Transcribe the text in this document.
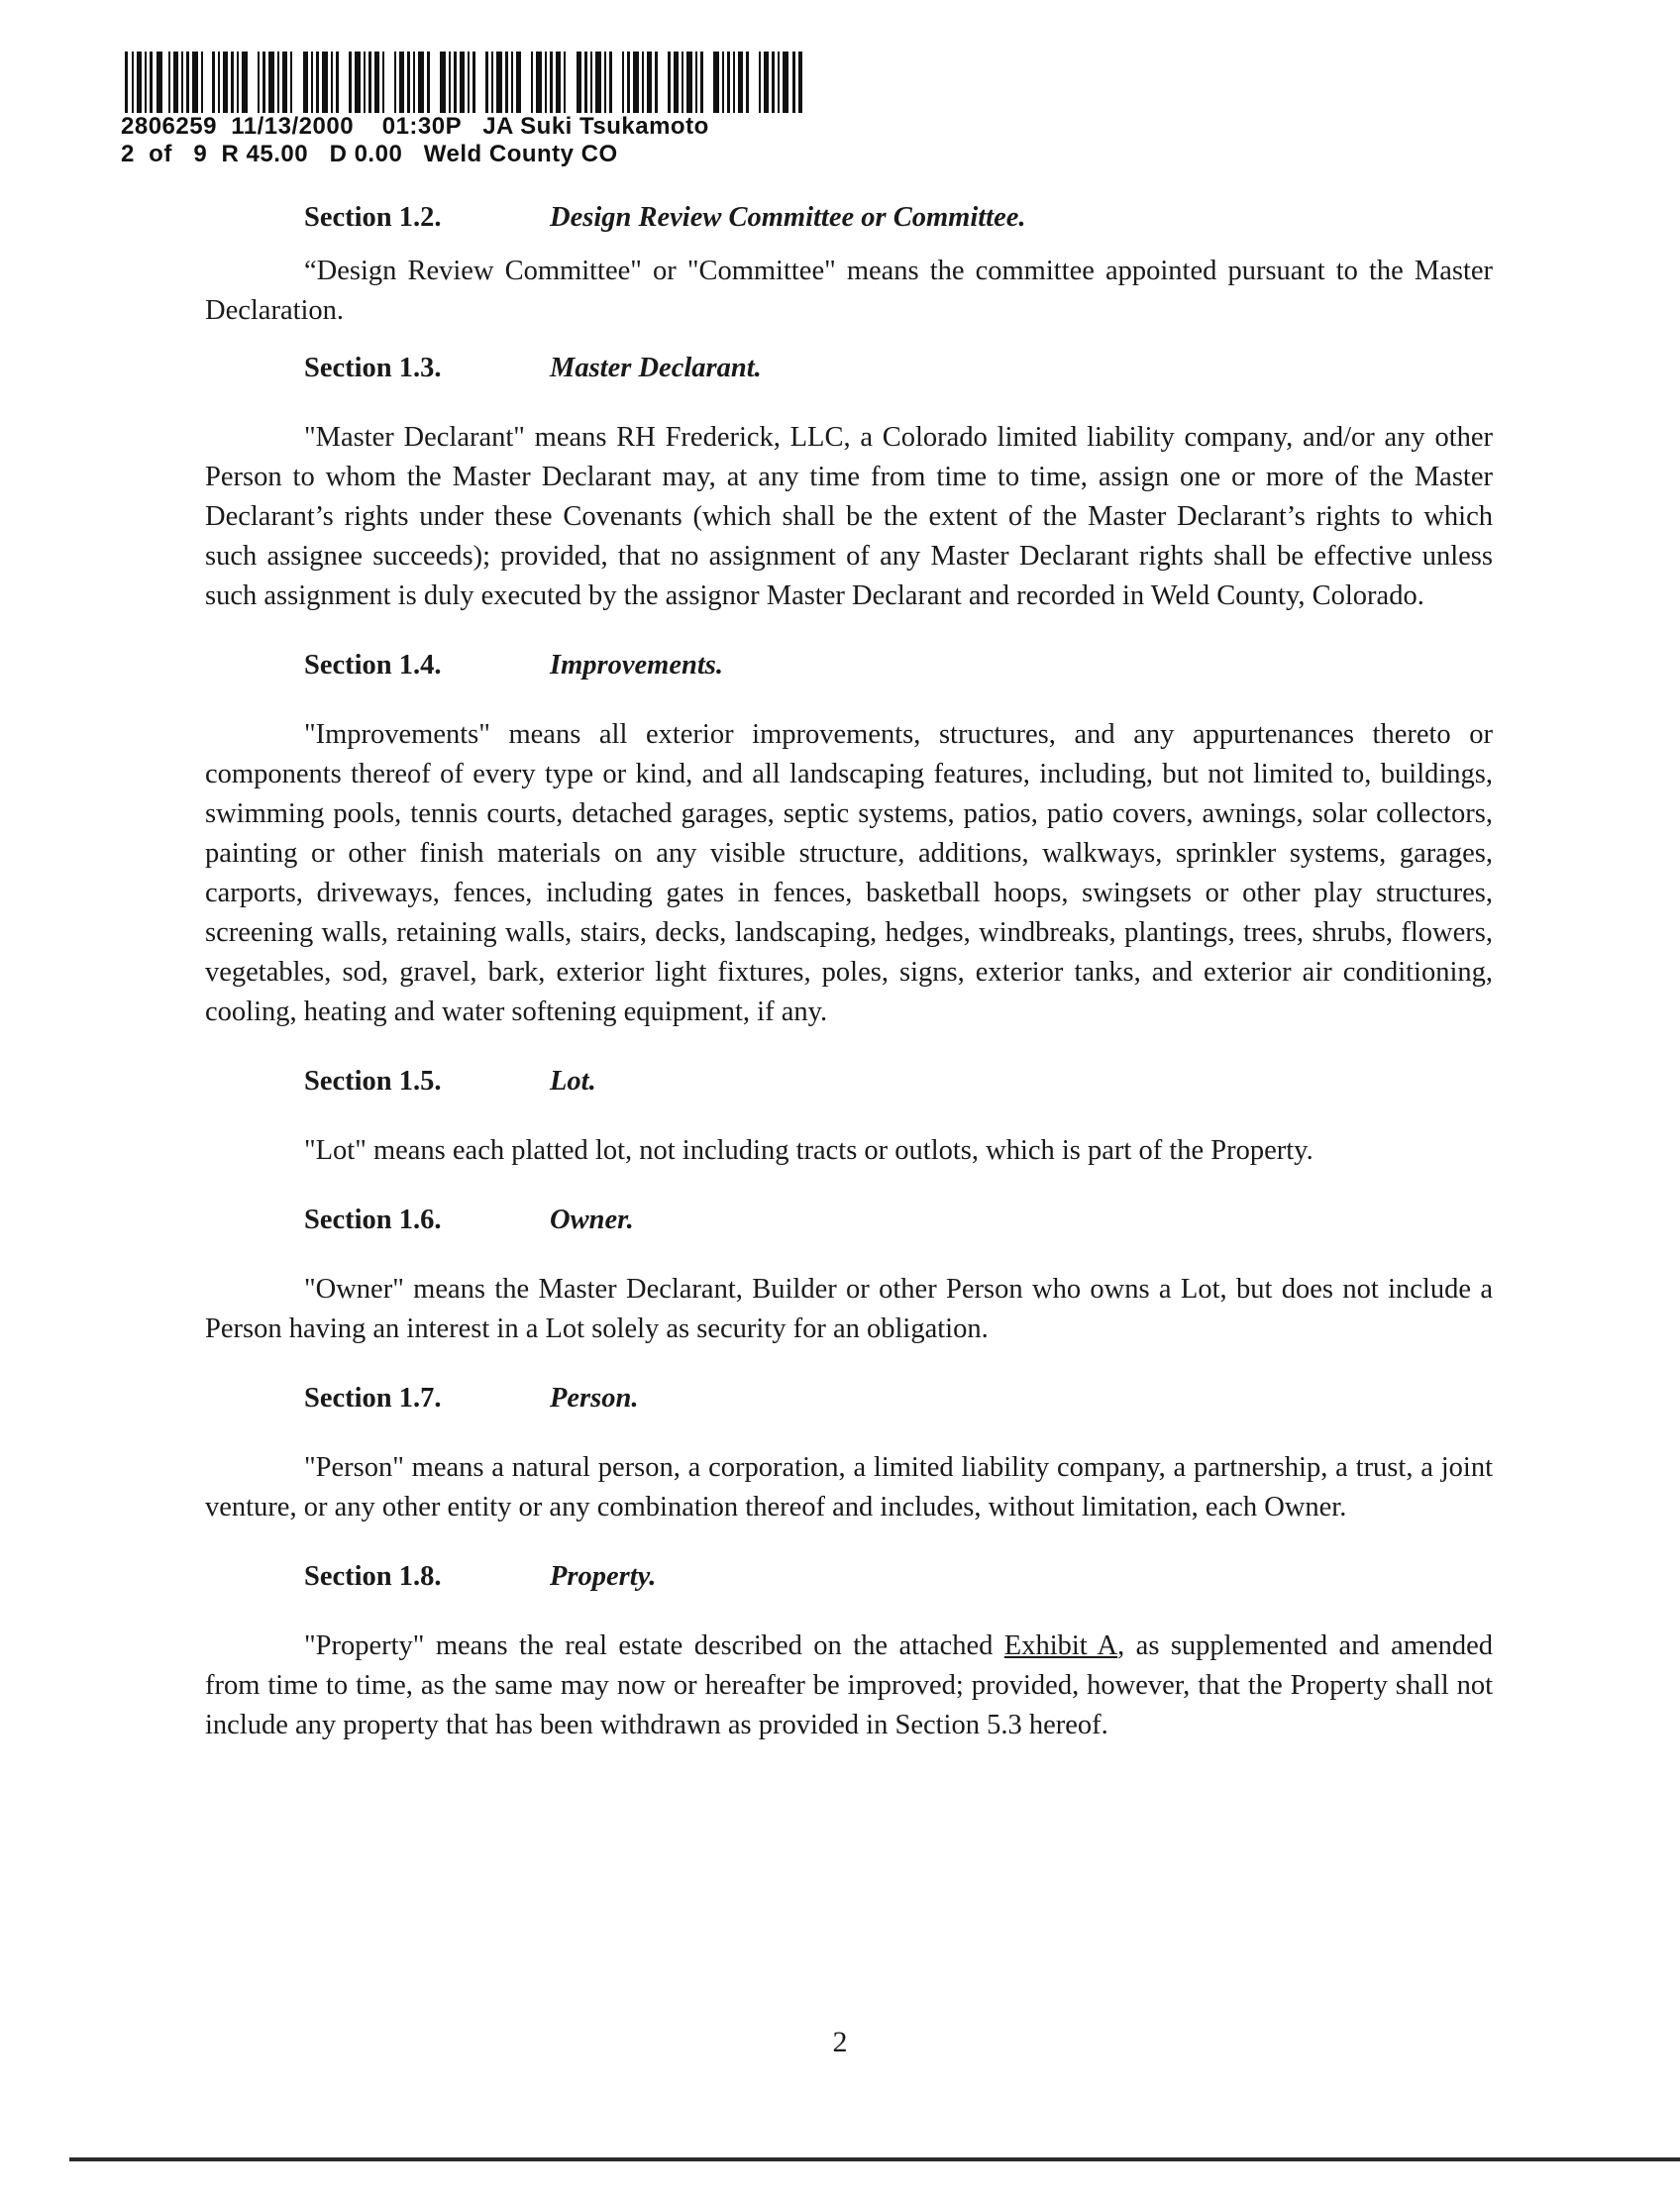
2806259  11/13/2000    01:30P   JA Suki Tsukamoto
2  of   9  R 45.00   D 0.00   Weld County CO
Section 1.2.	Design Review Committee or Committee.

“Design Review Committee" or "Committee" means the committee appointed pursuant to the Master Declaration.

Section 1.3.	Master Declarant.

"Master Declarant" means RH Frederick, LLC, a Colorado limited liability company, and/or any other Person to whom the Master Declarant may, at any time from time to time, assign one or more of the Master Declarant’s rights under these Covenants (which shall be the extent of the Master Declarant’s rights to which such assignee succeeds); provided, that no assignment of any Master Declarant rights shall be effective unless such assignment is duly executed by the assignor Master Declarant and recorded in Weld County, Colorado.

Section 1.4.	Improvements.

"Improvements" means all exterior improvements, structures, and any appurtenances thereto or components thereof of every type or kind, and all landscaping features, including, but not limited to, buildings, swimming pools, tennis courts, detached garages, septic systems, patios, patio covers, awnings, solar collectors, painting or other finish materials on any visible structure, additions, walkways, sprinkler systems, garages, carports, driveways, fences, including gates in fences, basketball hoops, swingsets or other play structures, screening walls, retaining walls, stairs, decks, landscaping, hedges, windbreaks, plantings, trees, shrubs, flowers, vegetables, sod, gravel, bark, exterior light fixtures, poles, signs, exterior tanks, and exterior air conditioning, cooling, heating and water softening equipment, if any.

Section 1.5.	Lot.

"Lot" means each platted lot, not including tracts or outlots, which is part of the Property.

Section 1.6.	Owner.

"Owner" means the Master Declarant, Builder or other Person who owns a Lot, but does not include a Person having an interest in a Lot solely as security for an obligation.

Section 1.7.	Person.

"Person" means a natural person, a corporation, a limited liability company, a partnership, a trust, a joint venture, or any other entity or any combination thereof and includes, without limitation, each Owner.

Section 1.8.	Property.

"Property" means the real estate described on the attached Exhibit A, as supplemented and amended from time to time, as the same may now or hereafter be improved; provided, however, that the Property shall not include any property that has been withdrawn as provided in Section 5.3 hereof.

2
